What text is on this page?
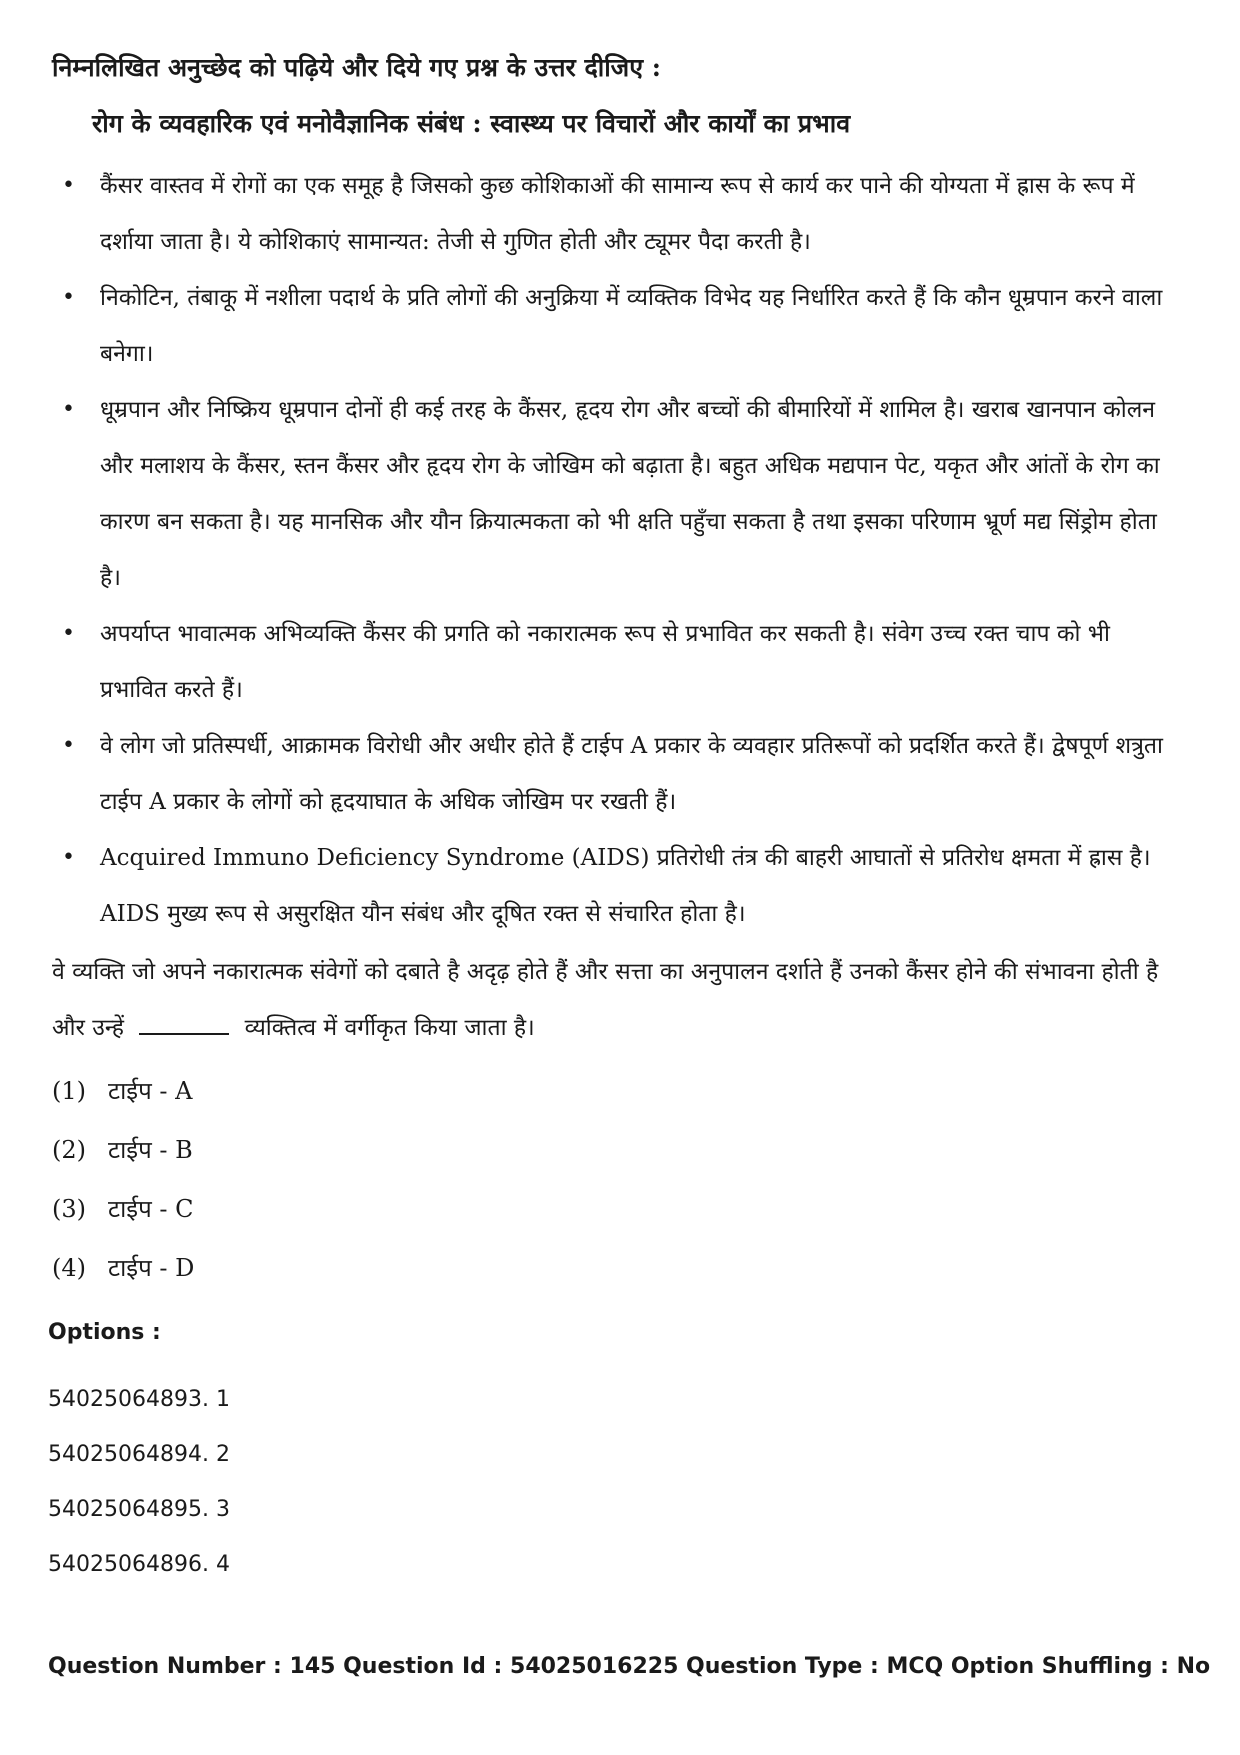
निम्नलिखित अनुच्छेद को पढ़िये और दिये गए प्रश्न के उत्तर दीजिए :
रोग के व्यवहारिक एवं मनोवैज्ञानिक संबंध : स्वास्थ्य पर विचारों और कार्यों का प्रभाव
• कैंसर वास्तव में रोगों का एक समूह है जिसको कुछ कोशिकाओं की सामान्य रूप से कार्य कर पाने की योग्यता में ह्रास के रूप में दर्शाया जाता है। ये कोशिकाएं सामान्यत: तेजी से गुणित होती और ट्यूमर पैदा करती है।
• निकोटिन, तंबाकू में नशीला पदार्थ के प्रति लोगों की अनुक्रिया में व्यक्तिक विभेद यह निर्धारित करते हैं कि कौन धूम्रपान करने वाला बनेगा।
• धूम्रपान और निष्क्रिय धूम्रपान दोनों ही कई तरह के कैंसर, हृदय रोग और बच्चों की बीमारियों में शामिल है। खराब खानपान कोलन और मलाशय के कैंसर, स्तन कैंसर और हृदय रोग के जोखिम को बढ़ाता है। बहुत अधिक मद्यपान पेट, यकृत और आंतों के रोग का कारण बन सकता है। यह मानसिक और यौन क्रियात्मकता को भी क्षति पहुँचा सकता है तथा इसका परिणाम भ्रूर्ण मद्य सिंड्रोम होता है।
• अपर्याप्त भावात्मक अभिव्यक्ति कैंसर की प्रगति को नकारात्मक रूप से प्रभावित कर सकती है। संवेग उच्च रक्त चाप को भी प्रभावित करते हैं।
• वे लोग जो प्रतिस्पर्धी, आक्रामक विरोधी और अधीर होते हैं टाईप A प्रकार के व्यवहार प्रतिरूपों को प्रदर्शित करते हैं। द्वेषपूर्ण शत्रुता टाईप A प्रकार के लोगों को हृदयाघात के अधिक जोखिम पर रखती हैं।
• Acquired Immuno Deficiency Syndrome (AIDS) प्रतिरोधी तंत्र की बाहरी आघातों से प्रतिरोध क्षमता में ह्रास है। AIDS मुख्य रूप से असुरक्षित यौन संबंध और दूषित रक्त से संचारित होता है।
वे व्यक्ति जो अपने नकारात्मक संवेगों को दबाते है अदृढ़ होते हैं और सत्ता का अनुपालन दर्शाते हैं उनको कैंसर होने की संभावना होती है और उन्हें	व्यक्तित्व में वर्गीकृत किया जाता है।
(1) टाईप - A
(2) टाईप - B
(3) टाईप - C
(4) टाईप - D
Options :
54025064893. 1
54025064894. 2
54025064895. 3
54025064896. 4
Question Number : 145 Question Id : 54025016225 Question Type : MCQ Option Shuffling : No
